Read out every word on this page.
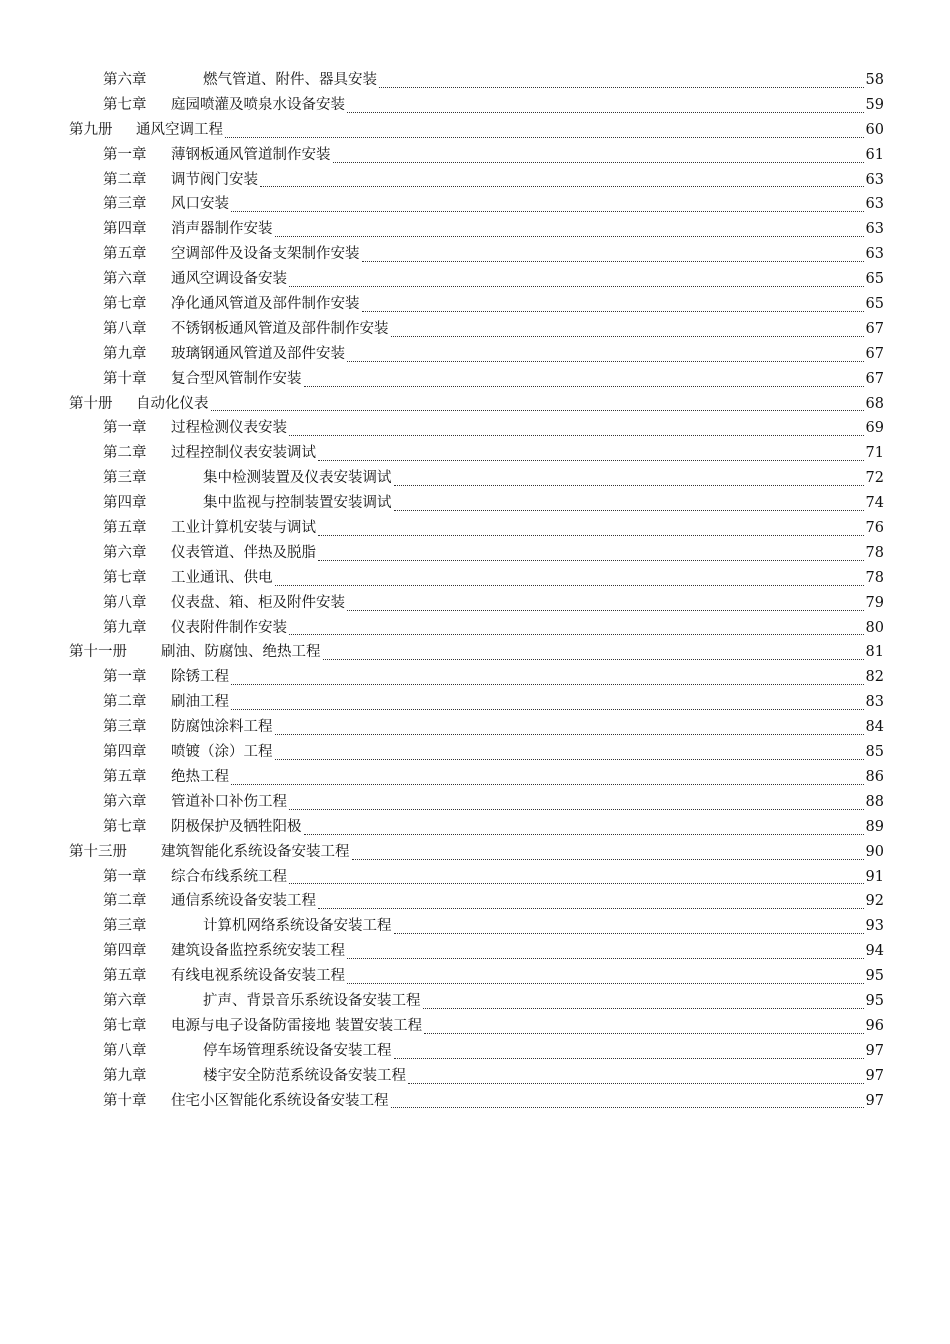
第六章	燃气管道、附件、器具安装	58
第七章	庭园喷灌及喷泉水设备安装	59
第九册	通风空调工程	60
第一章	薄钢板通风管道制作安装	61
第二章	调节阀门安装	63
第三章	风口安装	63
第四章	消声器制作安装	63
第五章	空调部件及设备支架制作安装	63
第六章	通风空调设备安装	65
第七章	净化通风管道及部件制作安装	65
第八章	不锈钢板通风管道及部件制作安装	67
第九章	玻璃钢通风管道及部件安装	67
第十章	复合型风管制作安装	67
第十册	自动化仪表	68
第一章	过程检测仪表安装	69
第二章	过程控制仪表安装调试	71
第三章	集中检测装置及仪表安装调试	72
第四章	集中监视与控制装置安装调试	74
第五章	工业计算机安装与调试	76
第六章	仪表管道、伴热及脱脂	78
第七章	工业通讯、供电	78
第八章	仪表盘、箱、柜及附件安装	79
第九章	仪表附件制作安装	80
第十一册	刷油、防腐蚀、绝热工程	81
第一章	除锈工程	82
第二章	刷油工程	83
第三章	防腐蚀涂料工程	84
第四章	喷镀（涂）工程	85
第五章	绝热工程	86
第六章	管道补口补伤工程	88
第七章	阴极保护及牺牲阳极	89
第十三册	建筑智能化系统设备安装工程	90
第一章	综合布线系统工程	91
第二章	通信系统设备安装工程	92
第三章	计算机网络系统设备安装工程	93
第四章	建筑设备监控系统安装工程	94
第五章	有线电视系统设备安装工程	95
第六章	扩声、背景音乐系统设备安装工程	95
第七章	电源与电子设备防雷接地 装置安装工程	96
第八章	停车场管理系统设备安装工程	97
第九章	楼宇安全防范系统设备安装工程	97
第十章	住宅小区智能化系统设备安装工程	97
